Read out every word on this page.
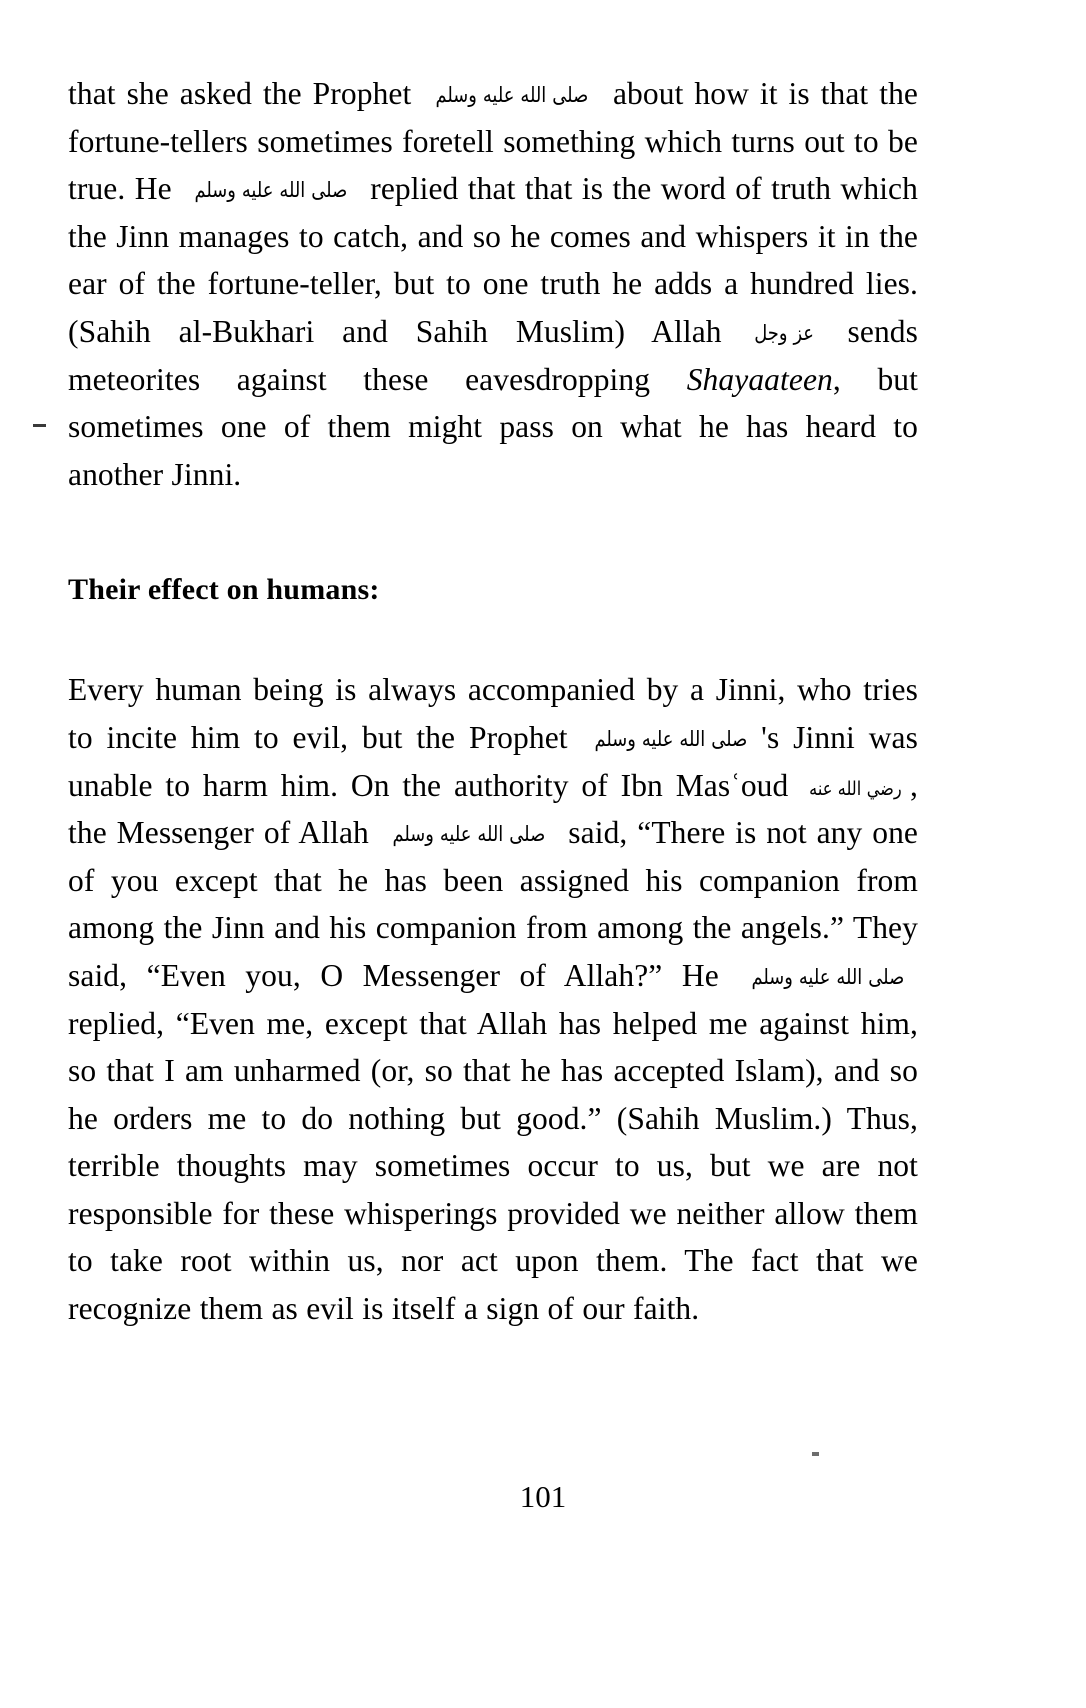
that she asked the Prophet صلى الله عليه وسلم about how it is that the fortune-tellers sometimes foretell something which turns out to be true. He صلى الله عليه وسلم replied that that is the word of truth which the Jinn manages to catch, and so he comes and whispers it in the ear of the fortune-teller, but to one truth he adds a hundred lies. (Sahih al-Bukhari and Sahih Muslim) Allah عز وجل sends meteorites against these eavesdropping Shayaateen, but sometimes one of them might pass on what he has heard to another Jinni.

Their effect on humans:

Every human being is always accompanied by a Jinni, who tries to incite him to evil, but the Prophet صلى الله عليه وسلم 's Jinni was unable to harm him. On the authority of Ibn Masʿoud رضي الله عنه , the Messenger of Allah صلى الله عليه وسلم said, “There is not any one of you except that he has been assigned his companion from among the Jinn and his companion from among the angels.” They said, “Even you, O Messenger of Allah?” He صلى الله عليه وسلم replied, “Even me, except that Allah has helped me against him, so that I am unharmed (or, so that he has accepted Islam), and so he orders me to do nothing but good.” (Sahih Muslim.) Thus, terrible thoughts may sometimes occur to us, but we are not responsible for these whisperings provided we neither allow them to take root within us, nor act upon them. The fact that we recognize them as evil is itself a sign of our faith.

101
